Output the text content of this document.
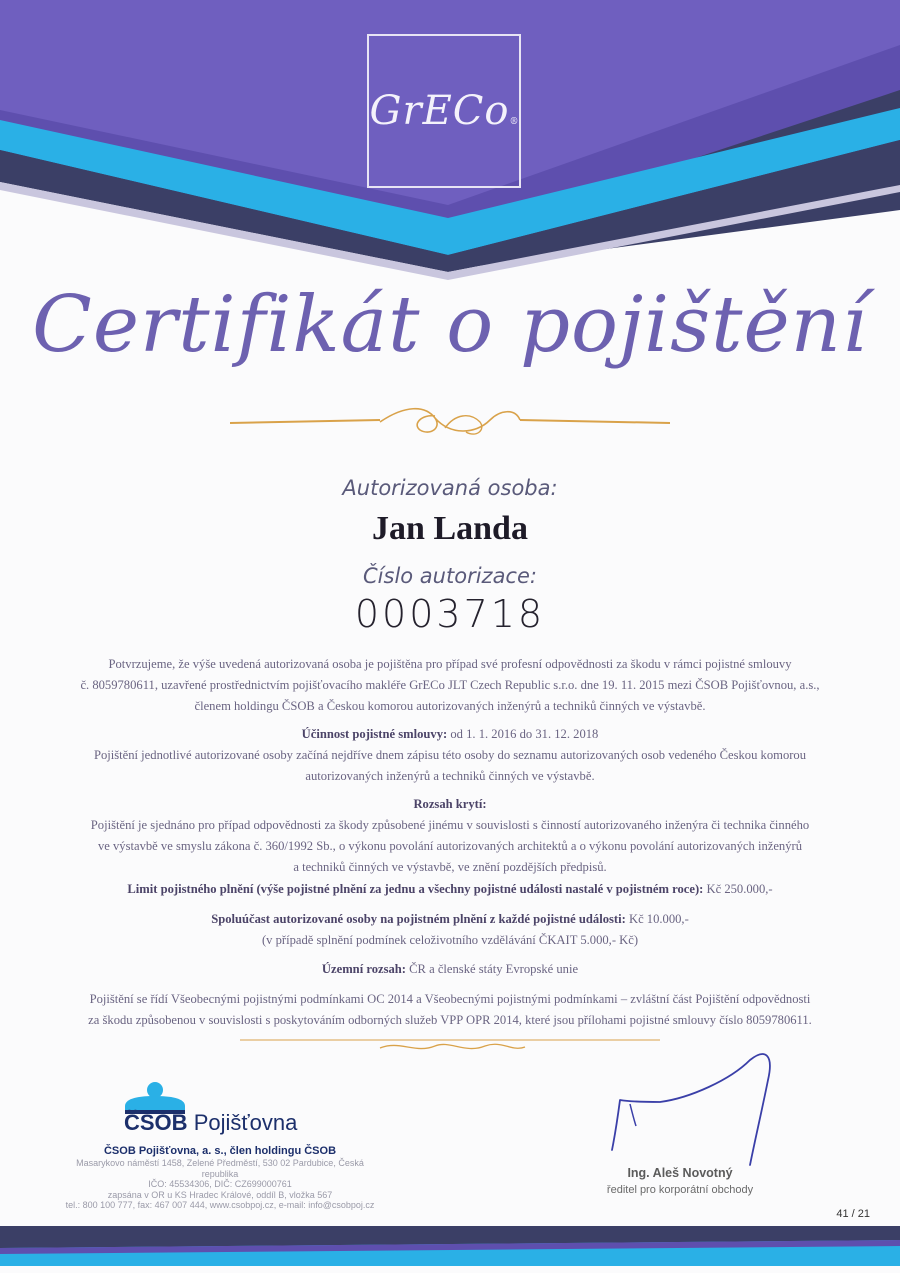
GrECo$_®$
Certifikát o pojištění
Autorizovaná osoba:
Jan Landa
Číslo autorizace:
0003718
Potvrzujeme, že výše uvedená autorizovaná osoba je pojištěna pro případ své profesní odpovědnosti za škodu v rámci pojistné smlouvy
č. 8059780611, uzavřené prostřednictvím pojišťovacího makléře GrECo JLT Czech Republic s.r.o. dne 19. 11. 2015 mezi ČSOB Pojišťovnou, a.s.,
členem holdingu ČSOB a Českou komorou autorizovaných inženýrů a techniků činných ve výstavbě.
Účinnost pojistné smlouvy: od 1. 1. 2016 do 31. 12. 2018
Pojištění jednotlivé autorizované osoby začíná nejdříve dnem zápisu této osoby do seznamu autorizovaných osob vedeného Českou komorou
autorizovaných inženýrů a techniků činných ve výstavbě.
Rozsah krytí:
Pojištění je sjednáno pro případ odpovědnosti za škody způsobené jinému v souvislosti s činností autorizovaného inženýra či technika činného
ve výstavbě ve smyslu zákona č. 360/1992 Sb., o výkonu povolání autorizovaných architektů a o výkonu povolání autorizovaných inženýrů
a techniků činných ve výstavbě, ve znění pozdějších předpisů.
Limit pojistného plnění (výše pojistné plnění za jednu a všechny pojistné události nastalé v pojistném roce): Kč 250.000,-
Spoluúčast autorizované osoby na pojistném plnění z každé pojistné události: Kč 10.000,-
(v případě splnění podmínek celoživotního vzdělávání ČKAIT 5.000,- Kč)
Územní rozsah: ČR a členské státy Evropské unie
Pojištění se řídí Všeobecnými pojistnými podmínkami OC 2014 a Všeobecnými pojistnými podmínkami – zvláštní část Pojištění odpovědnosti
za škodu způsobenou v souvislosti s poskytováním odborných služeb VPP OPR 2014, které jsou přílohami pojistné smlouvy číslo 8059780611.
ČSOB Pojišťovna
ČSOB Pojišťovna, a. s., člen holdingu ČSOB
Masarykovo náměstí 1458, Zelené Předměstí, 530 02 Pardubice, Česká republika
IČO: 45534306, DIČ: CZ699000761
zapsána v OR u KS Hradec Králové, oddíl B, vložka 567
tel.: 800 100 777, fax: 467 007 444, www.csobpoj.cz, e-mail: info@csobpoj.cz
Ing. Aleš Novotný
ředitel pro korporátní obchody
41 / 21
